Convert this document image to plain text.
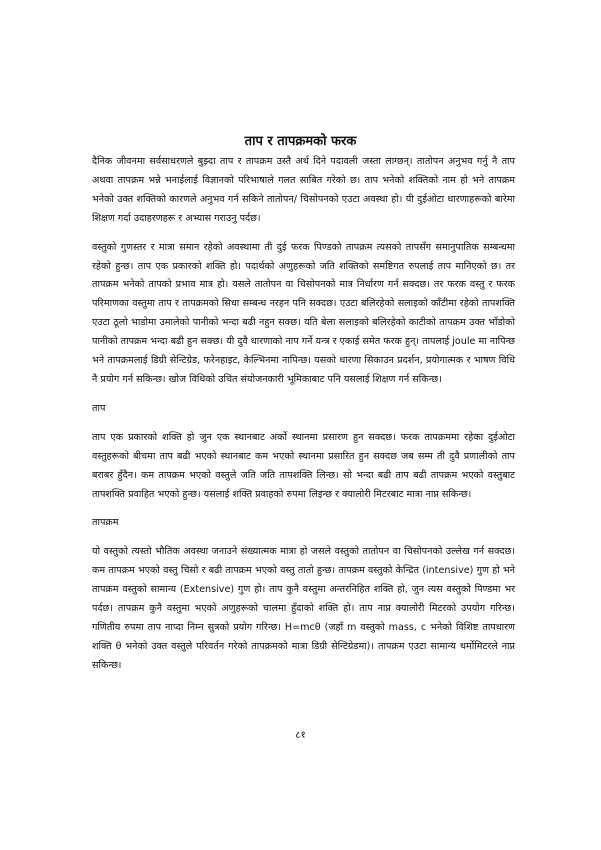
ताप र तापक्रमको फरक

दैनिक जीवनमा सर्वसाधरणले बुझ्दा ताप र तापक्रम उस्तै अर्थ दिने पदावली जस्ता लाग्छन्। तातोपन अनुभव गर्नु नै ताप अथवा तापक्रम भन्ने भनाईलाई विज्ञानको परिभाषाले गलत साबित गरेको छ। ताप भनेको शक्तिको नाम हो भने तापक्रम भनेको उक्त शक्तिको कारणले अनुभव गर्न सकिने तातोपन/ चिसोपनको एउटा अवस्था हो। यी दुईओटा धारणाहरूको बारेमा शिक्षण गर्दा उदाहरणहरू र अभ्यास गराउनु पर्दछ।

वस्तुको गुणस्तर र मात्रा समान रहेको अवस्थामा ती दुई फरक पिण्डको तापक्रम त्यसको तापसँग समानुपातिक सम्बन्धमा रहेको हुन्छ। ताप एक प्रकारको शक्ति हो। पदार्थको अणुहरूको जति शक्तिको समष्टिगत रुपलाई ताप मानिएको छ। तर तापक्रम भनेको तापको प्रभाव मात्र हो। यसले तातोपन वा चिसोपनको मात्र निर्धारण गर्न सक्दछ। तर फरक वस्तु र फरक परिमाणका वस्तुमा ताप र तापक्रमको सिधा सम्बन्ध नरहन पनि सक्दछ। एउटा बलिरहेको सलाइको काँटीमा रहेको तापशक्ति एउटा ठूलो भाडोमा उमालेको पानीको भन्दा बढी नहुन सक्छ। यति बेला सलाइको बलिरहेको काटीको तापक्रम उक्त भाँडोको पानीको तापक्रम भन्दा बढी हुन सक्छ। यी दुवै धारणाको नाप गर्ने यन्त्र र एकाई समेत फरक हुन्। तापलाई joule मा नापिन्छ भने तापक्रमलाई डिग्री सेन्टिग्रेड, फरेनहाइट, केल्भिनमा नापिन्छ। यसको धारणा सिकाउन प्रदर्शन, प्रयोगात्मक र भाषण विधि नै प्रयोग गर्न सकिन्छ। खोज विधिको उचित संयोजनकारी भूमिकाबाट पनि यसलाई शिक्षण गर्न सकिन्छ।

ताप

ताप एक प्रकारको शक्ति हो जुन एक स्थानबाट अर्को स्थानमा प्रसारण हुन सक्दछ। फरक तापक्रममा रहेका दुईओटा वस्तुहरूको बीचमा ताप बढी भएको स्थानबाट कम भएको स्थानमा प्रसारित हुन सक्दछ जब सम्म ती दुवै प्रणालीको ताप बराबर हुँदैन। कम तापक्रम भएको वस्तुले जति जति तापशक्ति लिन्छ। सो भन्दा बढी ताप बढी तापक्रम भएको वस्तुबाट तापशक्ति प्रवाहित भएको हुन्छ। यसलाई शक्ति प्रवाहको रुपमा लिइन्छ र क्यालोरी मिटरबाट मात्रा नाप्न सकिन्छ।

तापक्रम

यो वस्तुको त्यस्तो भौतिक अवस्था जनाउने संख्यात्मक मात्रा हो जसले वस्तुको तातोपन वा चिसोपनको उल्लेख गर्न सक्दछ। कम तापक्रम भएको वस्तु चिसो र बढी तापक्रम भएको वस्तु तातो हुन्छ। तापक्रम वस्तुको केन्द्रित (intensive) गुण हो भने तापक्रम वस्तुको सामान्य (Extensive) गुण हो। ताप कुनै वस्तुमा अन्तरनिहित शक्ति हो, जुन त्यस वस्तुको पिण्डमा भर पर्दछ। तापक्रम कुनै वस्तुमा भएको अणुहरूको चालमा हुँदाको शक्ति हो। ताप नाप्न क्यालोरी मिटरको उपयोग गरिन्छ। गणितीय रुपमा ताप नाप्दा निम्न सुत्रको प्रयोग गरिन्छ। H=mcθ (जहाँ m वस्तुको mass, c भनेको विशिष्ट तापधारण शक्ति θ भनेको उक्त वस्तुले परिवर्तन गरेको तापक्रमको मात्रा डिग्री सेन्टिग्रेडमा)। तापक्रम एउटा सामान्य थर्मोमिटरले नाप्न सकिन्छ।

८१
